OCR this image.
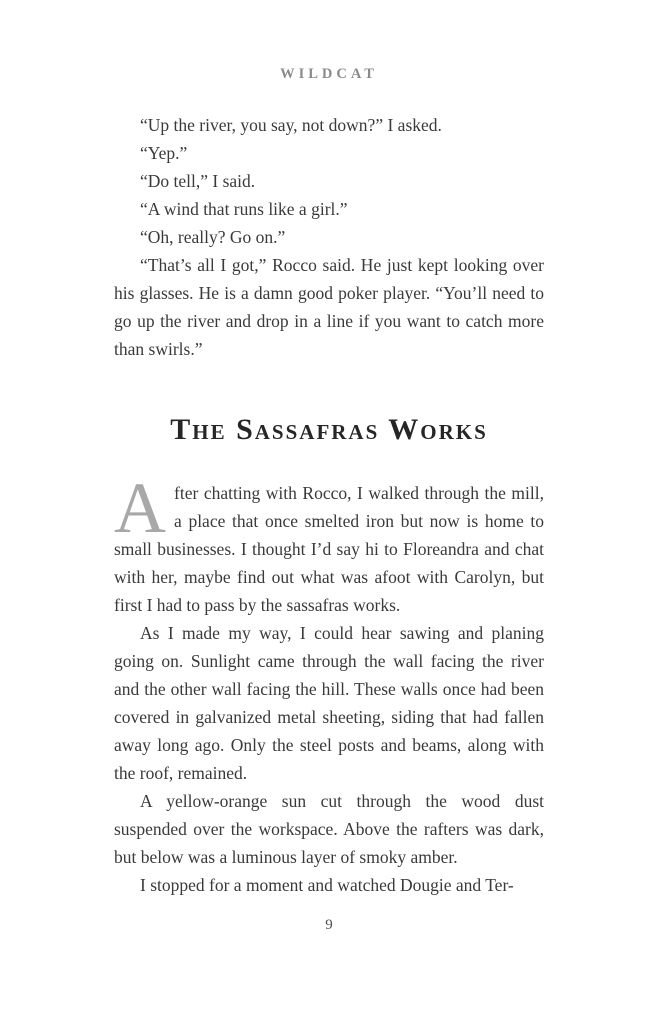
WILDCAT

“Up the river, you say, not down?” I asked.

“Yep.”

“Do tell,” I said.

“A wind that runs like a girl.”

“Oh, really? Go on.”

“That’s all I got,” Rocco said. He just kept looking over his glasses. He is a damn good poker player. “You’ll need to go up the river and drop in a line if you want to catch more than swirls.”

The Sassafras Works

After chatting with Rocco, I walked through the mill, a place that once smelted iron but now is home to small businesses. I thought I’d say hi to Floreandra and chat with her, maybe find out what was afoot with Carolyn, but first I had to pass by the sassafras works.

As I made my way, I could hear sawing and planing going on. Sunlight came through the wall facing the river and the other wall facing the hill. These walls once had been covered in galvanized metal sheeting, siding that had fallen away long ago. Only the steel posts and beams, along with the roof, remained.

A yellow-orange sun cut through the wood dust suspended over the workspace. Above the rafters was dark, but below was a luminous layer of smoky amber.

I stopped for a moment and watched Dougie and Ter-

9
